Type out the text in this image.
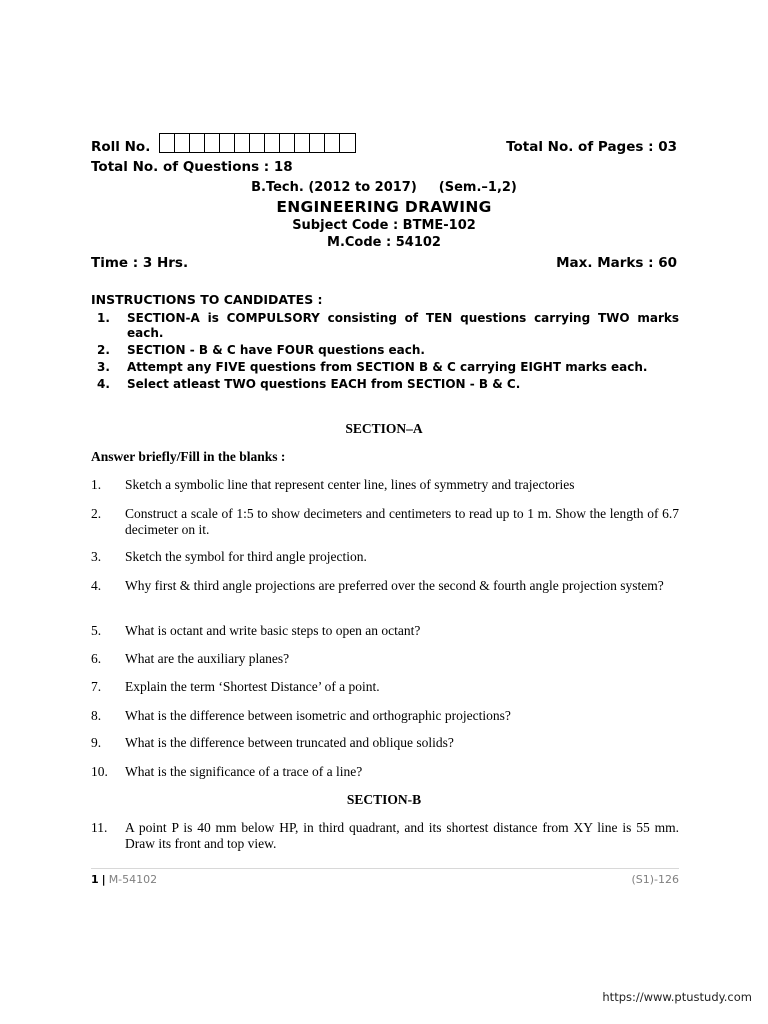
Roll No.	Total No. of Pages : 03
Total No. of Questions : 18
B.Tech. (2012 to 2017) (Sem.–1,2)
ENGINEERING DRAWING
Subject Code : BTME-102
M.Code : 54102
Time : 3 Hrs.	Max. Marks : 60
INSTRUCTIONS TO CANDIDATES :
1.	SECTION-A is COMPULSORY consisting of TEN questions carrying TWO marks each.
2.	SECTION - B & C have FOUR questions each.
3.	Attempt any FIVE questions from SECTION B & C carrying EIGHT marks each.
4.	Select atleast TWO questions EACH from SECTION - B & C.
SECTION–A
Answer briefly/Fill in the blanks :
1.	Sketch a symbolic line that represent center line, lines of symmetry and trajectories
2.	Construct a scale of 1:5 to show decimeters and centimeters to read up to 1 m. Show the length of 6.7 decimeter on it.
3.	Sketch the symbol for third angle projection.
4.	Why first & third angle projections are preferred over the second & fourth angle projection system?
5.	What is octant and write basic steps to open an octant?
6.	What are the auxiliary planes?
7.	Explain the term ‘Shortest Distance’ of a point.
8.	What is the difference between isometric and orthographic projections?
9.	What is the difference between truncated and oblique solids?
10.	What is the significance of a trace of a line?
SECTION-B
11.	A point P is 40 mm below HP, in third quadrant, and its shortest distance from XY line is 55 mm. Draw its front and top view.
1 | M-54102	(S1)-126
https://www.ptustudy.com
